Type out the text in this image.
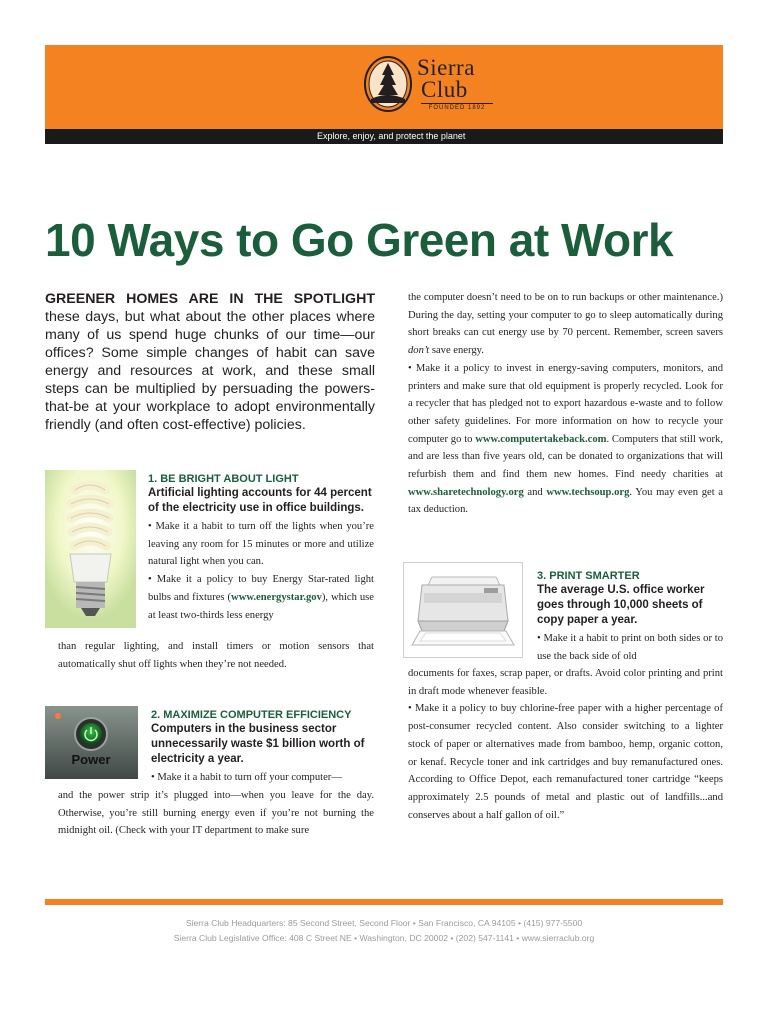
Sierra
Club
FOUNDED 1892
Explore, enjoy, and protect the planet
10 Ways to Go Green at Work
GREENER HOMES ARE IN THE SPOTLIGHT these days, but what about the other places where many of us spend huge chunks of our time—our offices? Some simple changes of habit can save energy and resources at work, and these small steps can be multiplied by persuading the powers-that-be at your workplace to adopt environmentally friendly (and often cost-effective) policies.

1. BE BRIGHT ABOUT LIGHT

Artificial lighting accounts for 44 percent of the electricity use in office buildings.

• Make it a habit to turn off the lights when you’re leaving any room for 15 minutes or more and utilize natural light when you can.

• Make it a policy to buy Energy Star-rated light bulbs and fixtures (www.energystar.gov), which use at least two-thirds less energy

than regular lighting, and install timers or motion sensors that automatically shut off lights when they’re not needed.

Power

2. MAXIMIZE COMPUTER EFFICIENCY

Computers in the business sector unnecessarily waste $1 billion worth of electricity a year.

• Make it a habit to turn off your computer—

and the power strip it’s plugged into—when you leave for the day. Otherwise, you’re still burning energy even if you’re not burning the midnight oil. (Check with your IT department to make sure

the computer doesn’t need to be on to run backups or other maintenance.) During the day, setting your computer to go to sleep automatically during short breaks can cut energy use by 70 percent. Remember, screen savers don’t save energy.

• Make it a policy to invest in energy-saving computers, monitors, and printers and make sure that old equipment is properly recycled. Look for a recycler that has pledged not to export hazardous e-waste and to follow other safety guidelines. For more information on how to recycle your computer go to www.computertakeback.com. Computers that still work, and are less than five years old, can be donated to organizations that will refurbish them and find them new homes. Find needy charities at www.sharetechnology.org and www.techsoup.org. You may even get a tax deduction.

3. PRINT SMARTER

The average U.S. office worker goes through 10,000 sheets of copy paper a year.

• Make it a habit to print on both sides or to use the back side of old

documents for faxes, scrap paper, or drafts. Avoid color printing and print in draft mode whenever feasible.

• Make it a policy to buy chlorine-free paper with a higher percentage of post-consumer recycled content. Also consider switching to a lighter stock of paper or alternatives made from bamboo, hemp, organic cotton, or kenaf. Recycle toner and ink cartridges and buy remanufactured ones. According to Office Depot, each remanufactured toner cartridge “keeps approximately 2.5 pounds of metal and plastic out of landfills...and conserves about a half gallon of oil.”

Sierra Club Headquarters: 85 Second Street, Second Floor • San Francisco, CA 94105 • (415) 977-5500
Sierra Club Legislative Office: 408 C Street NE • Washington, DC 20002 • (202) 547-1141 • www.sierraclub.org
